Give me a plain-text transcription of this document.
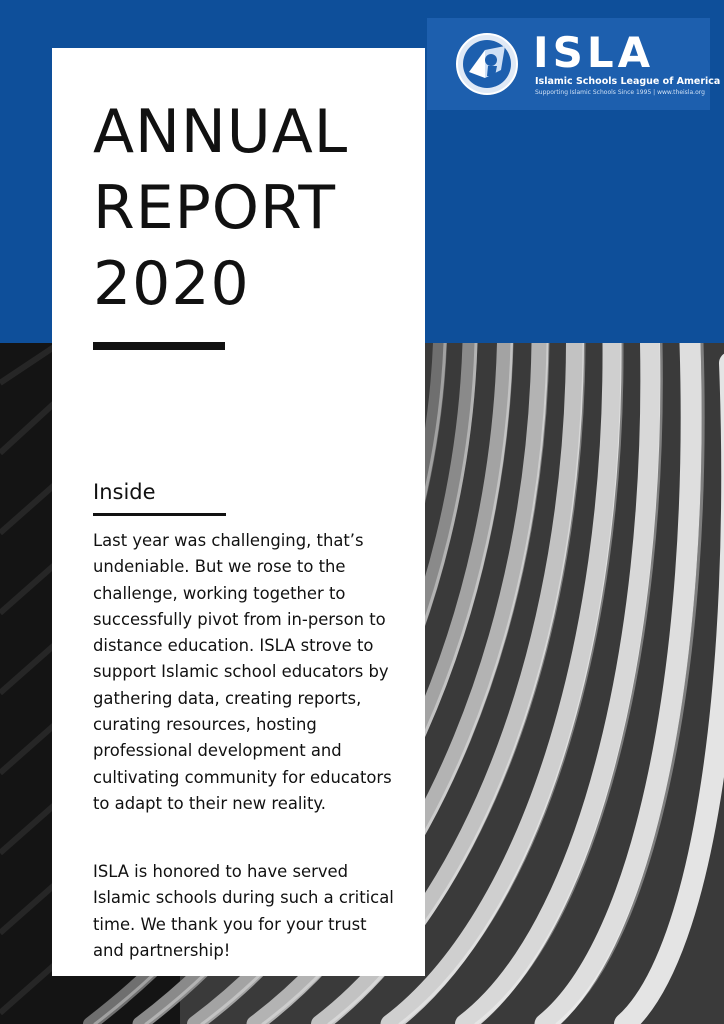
ISLA
Islamic Schools League of America
Supporting Islamic Schools Since 1995 | www.theisla.org
ANNUAL
REPORT
2020
Inside

Last year was challenging, that’s undeniable. But we rose to the challenge, working together to successfully pivot from in-person to distance education. ISLA strove to support Islamic school educators by gathering data, creating reports, curating resources, hosting professional development and cultivating community for educators to adapt to their new reality.

ISLA is honored to have served Islamic schools during such a critical time. We thank you for your trust and partnership!
